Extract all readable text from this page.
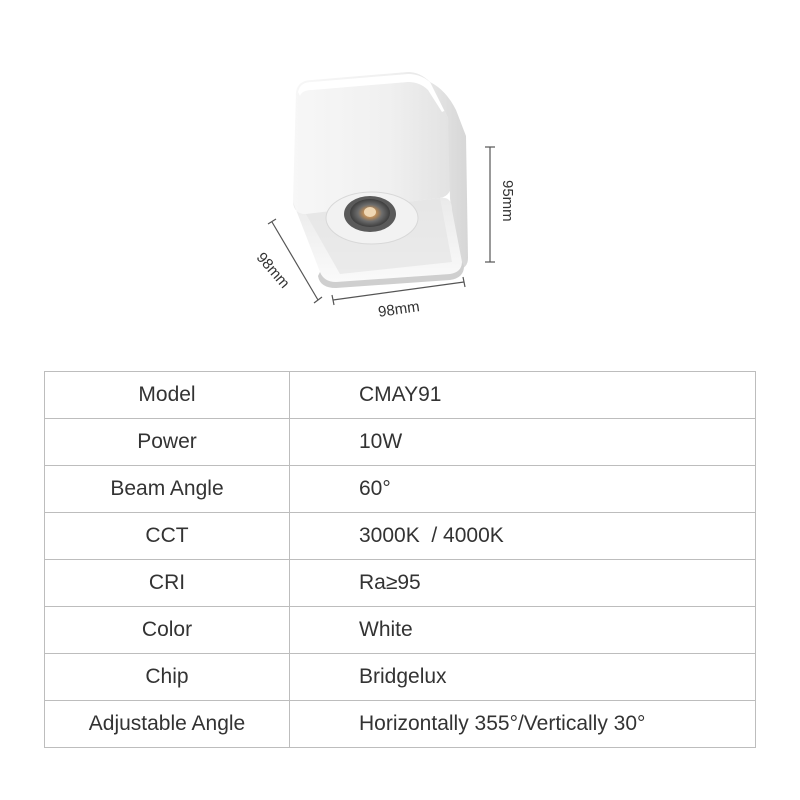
95mm
98mm
98mm
Model	CMAY91
Power	10W
Beam Angle	60°
CCT	3000K  / 4000K
CRI	Ra≥95
Color	White
Chip	Bridgelux
Adjustable Angle	Horizontally 355°/Vertically 30°
